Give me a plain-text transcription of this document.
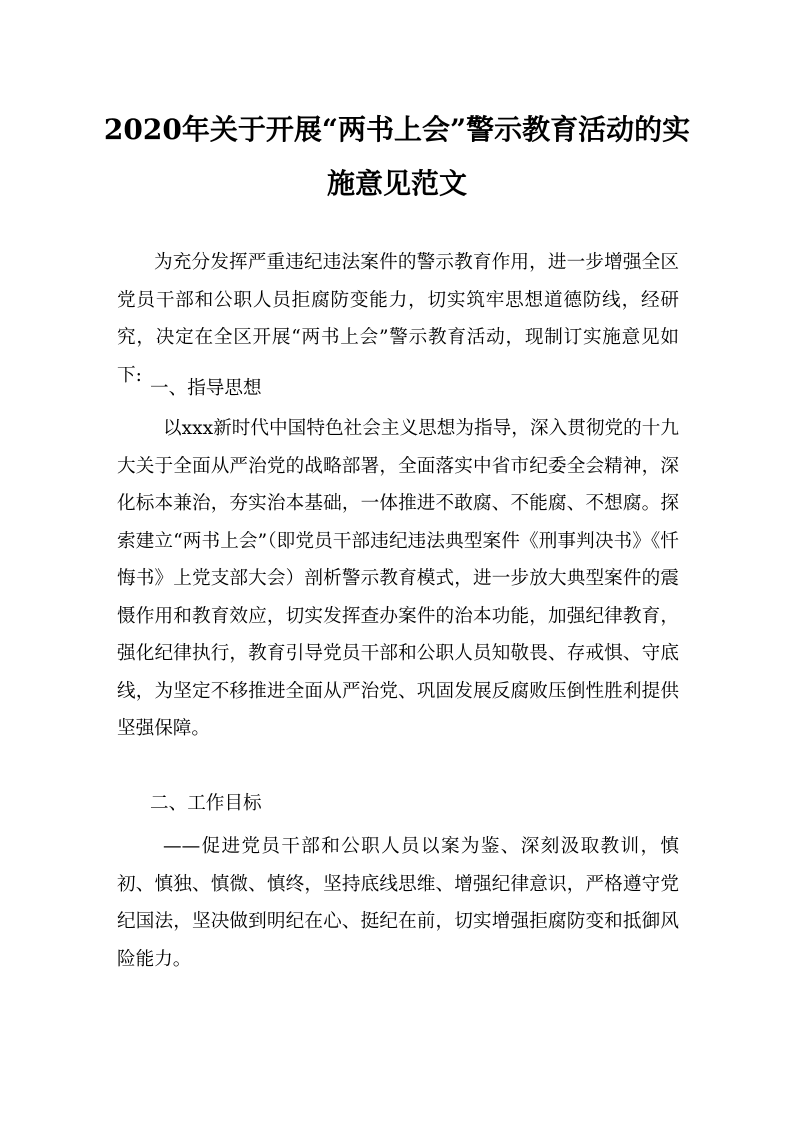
2020年关于开展“两书上会”警示教育活动的实
施意见范文

为充分发挥严重违纪违法案件的警示教育作用，进一步增强全区党员干部和公职人员拒腐防变能力，切实筑牢思想道德防线，经研究，决定在全区开展“两书上会”警示教育活动，现制订实施意见如下:

一、指导思想

以xxx新时代中国特色社会主义思想为指导，深入贯彻党的十九大关于全面从严治党的战略部署，全面落实中省市纪委全会精神，深化标本兼治，夯实治本基础，一体推进不敢腐、不能腐、不想腐。探索建立“两书上会”（即党员干部违纪违法典型案件《刑事判决书》《忏悔书》上党支部大会）剖析警示教育模式，进一步放大典型案件的震慑作用和教育效应，切实发挥查办案件的治本功能，加强纪律教育，强化纪律执行，教育引导党员干部和公职人员知敬畏、存戒惧、守底线，为坚定不移推进全面从严治党、巩固发展反腐败压倒性胜利提供坚强保障。

二、工作目标

——促进党员干部和公职人员以案为鉴、深刻汲取教训，慎初、慎独、慎微、慎终，坚持底线思维、增强纪律意识，严格遵守党纪国法，坚决做到明纪在心、挺纪在前，切实增强拒腐防变和抵御风险能力。
